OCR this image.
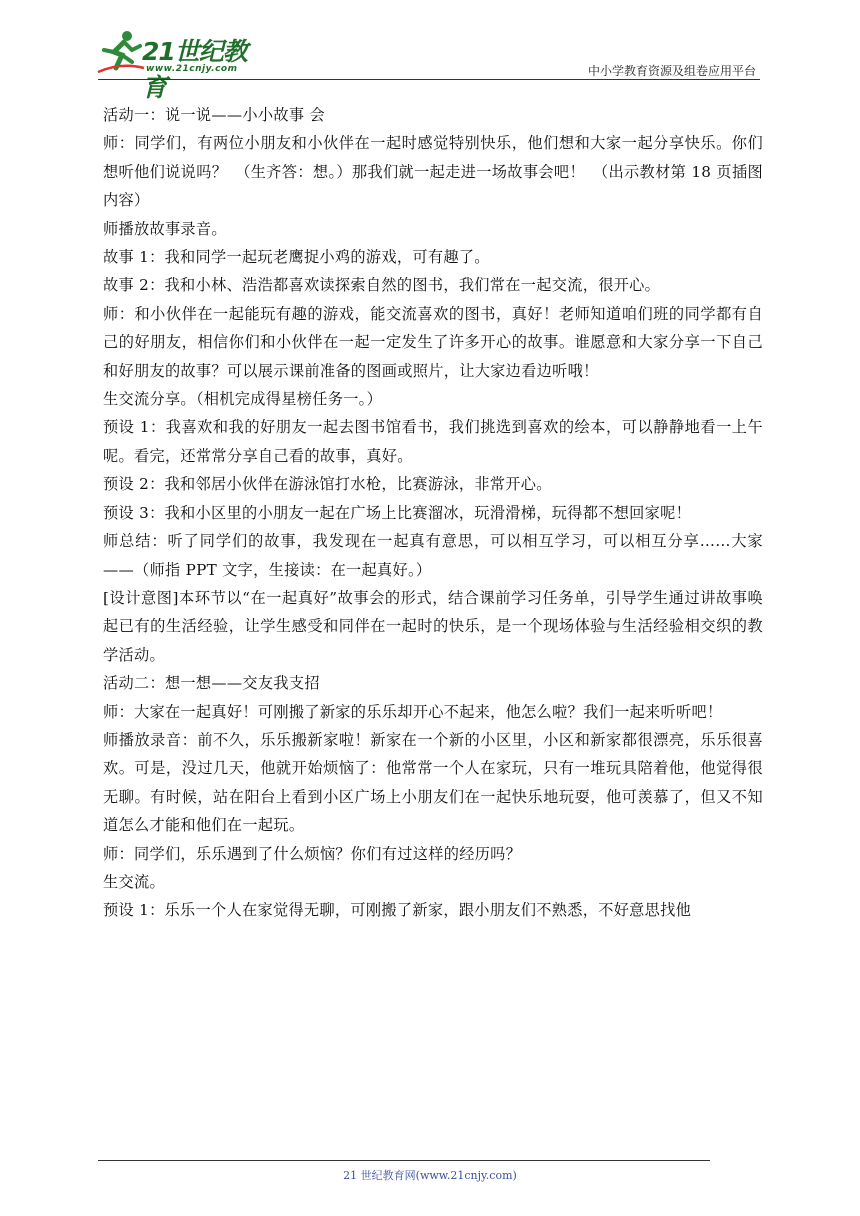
21世纪教育
www.21cnjy.com	中小学教育资源及组卷应用平台

活动一：说一说——小小故事 会

师：同学们，有两位小朋友和小伙伴在一起时感觉特别快乐，他们想和大家一起分享快乐。你们想听他们说说吗？　（生齐答：想。）那我们就一起走进一场故事会吧！　（出示教材第 18 页插图内容）

师播放故事录音。

故事 1：我和同学一起玩老鹰捉小鸡的游戏，可有趣了。

故事 2：我和小林、浩浩都喜欢读探索自然的图书，我们常在一起交流，很开心。

师：和小伙伴在一起能玩有趣的游戏，能交流喜欢的图书，真好！老师知道咱们班的同学都有自己的好朋友，相信你们和小伙伴在一起一定发生了许多开心的故事。谁愿意和大家分享一下自己和好朋友的故事？可以展示课前准备的图画或照片，让大家边看边听哦！

生交流分享。（相机完成得星榜任务一。）

预设 1：我喜欢和我的好朋友一起去图书馆看书，我们挑选到喜欢的绘本，可以静静地看一上午呢。看完，还常常分享自己看的故事，真好。

预设 2：我和邻居小伙伴在游泳馆打水枪，比赛游泳，非常开心。

预设 3：我和小区里的小朋友一起在广场上比赛溜冰，玩滑滑梯，玩得都不想回家呢！

师总结：听了同学们的故事，我发现在一起真有意思，可以相互学习，可以相互分享……大家——（师指 PPT 文字，生接读：在一起真好。）

[设计意图]本环节以“在一起真好”故事会的形式，结合课前学习任务单，引导学生通过讲故事唤起已有的生活经验，让学生感受和同伴在一起时的快乐，是一个现场体验与生活经验相交织的教学活动。

活动二：想一想——交友我支招

师：大家在一起真好！可刚搬了新家的乐乐却开心不起来，他怎么啦？我们一起来听听吧！

师播放录音：前不久，乐乐搬新家啦！新家在一个新的小区里，小区和新家都很漂亮，乐乐很喜欢。可是，没过几天，他就开始烦恼了：他常常一个人在家玩，只有一堆玩具陪着他，他觉得很无聊。有时候，站在阳台上看到小区广场上小朋友们在一起快乐地玩耍，他可羡慕了，但又不知道怎么才能和他们在一起玩。

师：同学们，乐乐遇到了什么烦恼？你们有过这样的经历吗？

生交流。

预设 1：乐乐一个人在家觉得无聊，可刚搬了新家，跟小朋友们不熟悉，不好意思找他

21 世纪教育网(www.21cnjy.com)
